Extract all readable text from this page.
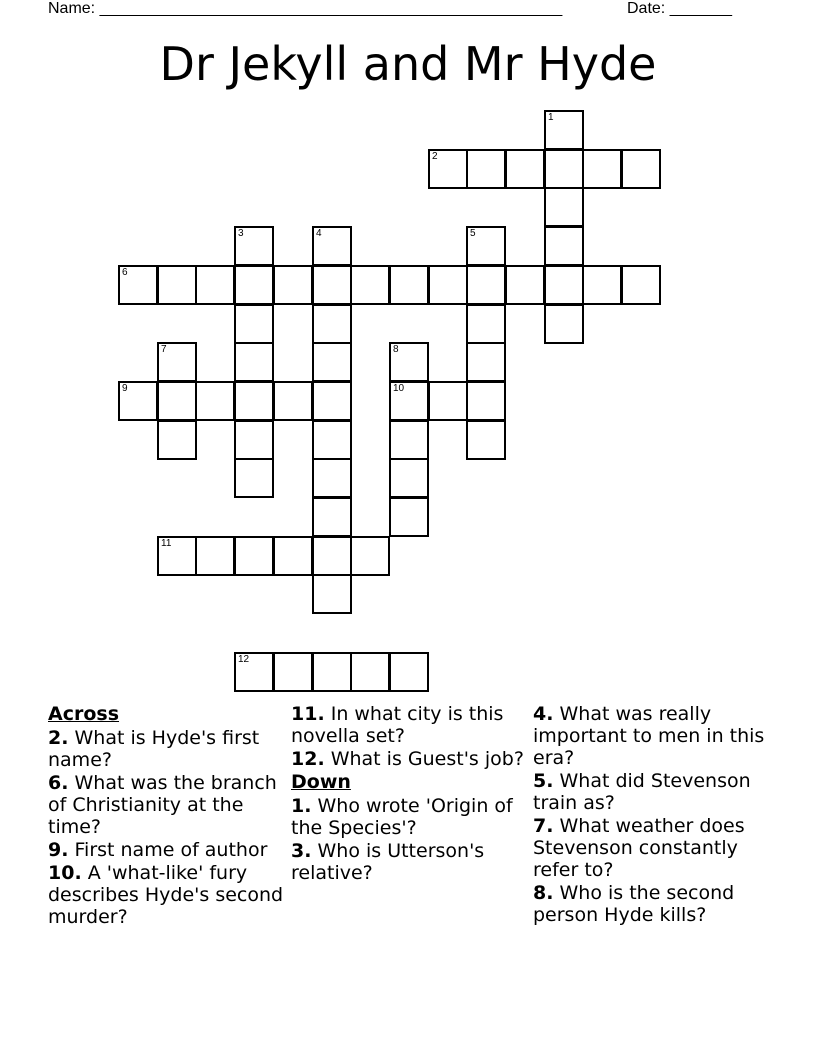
Name: ____________________________________________________	Date: _______
Dr Jekyll and Mr Hyde
1
2
3	4	5
6
7	8
10
9
11
12
Across
2. What is Hyde's first name?
6. What was the branch of Christianity at the time?
9. First name of author
10. A 'what-like' fury describes Hyde's second murder?
11. In what city is this novella set?
12. What is Guest's job?
Down
1. Who wrote 'Origin of the Species'?
3. Who is Utterson's relative?
4. What was really important to men in this era?
5. What did Stevenson train as?
7. What weather does Stevenson constantly refer to?
8. Who is the second person Hyde kills?
